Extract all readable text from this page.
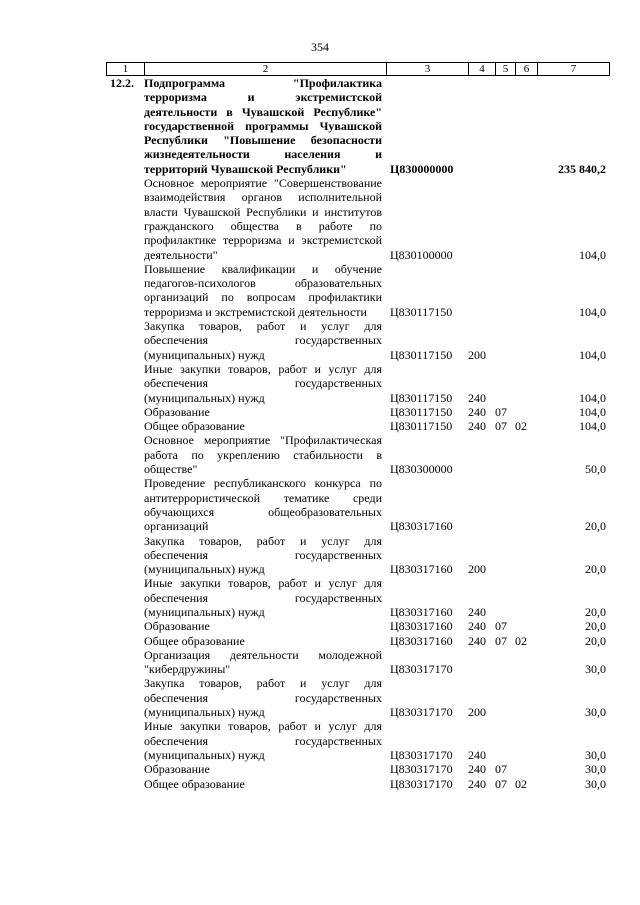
354
1	2	3	4	5	6	7
12.2. Подпрограмма "Профилактика терроризма и экстремистской деятельности в Чувашской Республике" государственной программы Чувашской Республики "Повышение безопасности жизнедеятельности населения и территорий Чувашской Республики"	Ц830000000	235 840,2
Основное мероприятие "Совершенствование взаимодействия органов исполнительной власти Чувашской Республики и институтов гражданского общества в работе по профилактике терроризма и экстремистской деятельности"	Ц830100000	104,0
Повышение квалификации и обучение педагогов-психологов образовательных организаций по вопросам профилактики терроризма и экстремистской деятельности	Ц830117150	104,0
Закупка товаров, работ и услуг для обеспечения государственных (муниципальных) нужд	Ц830117150 200	104,0
Иные закупки товаров, работ и услуг для обеспечения государственных (муниципальных) нужд	Ц830117150 240	104,0
Образование	Ц830117150 240 07	104,0
Общее образование	Ц830117150 240 07 02	104,0
Основное мероприятие "Профилактическая работа по укреплению стабильности в обществе"	Ц830300000	50,0
Проведение республиканского конкурса по антитеррористической тематике среди обучающихся общеобразовательных организаций	Ц830317160	20,0
Закупка товаров, работ и услуг для обеспечения государственных (муниципальных) нужд	Ц830317160 200	20,0
Иные закупки товаров, работ и услуг для обеспечения государственных (муниципальных) нужд	Ц830317160 240	20,0
Образование	Ц830317160 240 07	20,0
Общее образование	Ц830317160 240 07 02	20,0
Организация деятельности молодежной "кибердружины"	Ц830317170	30,0
Закупка товаров, работ и услуг для обеспечения государственных (муниципальных) нужд	Ц830317170 200	30,0
Иные закупки товаров, работ и услуг для обеспечения государственных (муниципальных) нужд	Ц830317170 240	30,0
Образование	Ц830317170 240 07	30,0
Общее образование	Ц830317170 240 07 02	30,0
